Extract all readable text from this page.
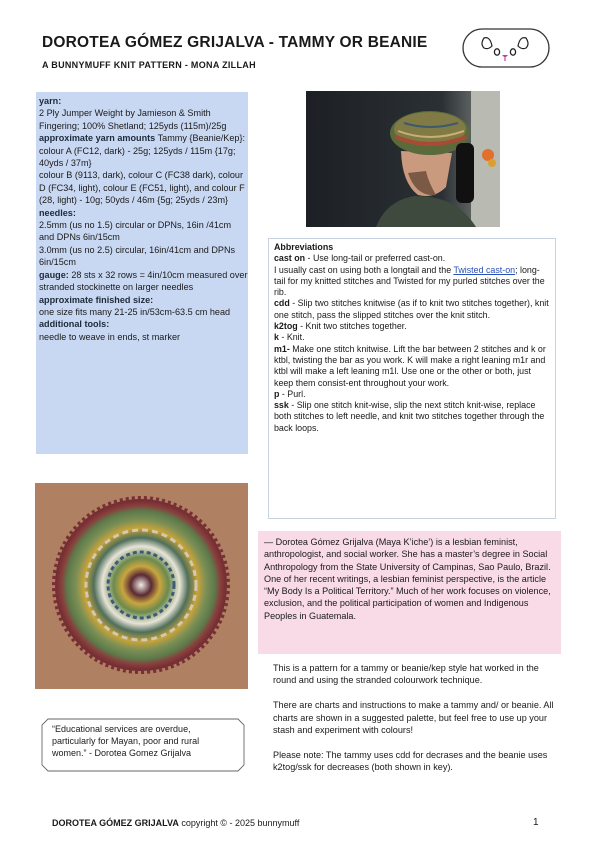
DOROTEA GÓMEZ GRIJALVA - TAMMY OR BEANIE
A BUNNYMUFF KNIT PATTERN - MONA ZILLAH

yarn:

2 Ply Jumper Weight by Jamieson & Smith Fingering; 100% Shetland; 125yds (115m)/25g

approximate yarn amounts Tammy {Beanie/Kep}:

colour A (FC12, dark) - 25g; 125yds / 115m {17g; 40yds / 37m}

colour B (9113, dark), colour C (FC38 dark), colour D (FC34, light), colour E (FC51, light), and colour F (28, light) - 10g; 50yds / 46m {5g; 25yds / 23m}

needles:

2.5mm (us no 1.5) circular or DPNs, 16in /41cm and DPNs 6in/15cm

3.0mm (us no 2.5) circular, 16in/41cm and DPNs 6in/15cm

gauge: 28 sts x 32 rows = 4in/10cm measured over stranded stockinette on larger needles

approximate finished size:

one size fits many 21-25 in/53cm-63.5 cm head

additional tools:

needle to weave in ends, st marker

Abbreviations

cast on - Use long-tail or preferred cast-on.

I usually cast on using both a longtail and the Twisted cast-on; long-tail for my knitted stitches and Twisted for my purled stitches over the rib.

cdd - Slip two stitches knitwise (as if to knit two stitches together), knit one stitch, pass the slipped stitches over the knit stitch.

k2tog - Knit two stitches together.

k - Knit.

m1- Make one stitch knitwise. Lift the bar between 2 stitches and k or ktbl, twisting the bar as you work. K will make a right leaning m1r and ktbl will make a left leaning m1l. Use one or the other or both, just keep them consist-ent throughout your work.

p - Purl.

ssk - Slip one stitch knit-wise, slip the next stitch knit-wise, replace both stitches to left needle, and knit two stitches together through the back loops.

— Dorotea Gómez Grijalva (Maya K’iche’) is a lesbian feminist, anthropologist, and social worker. She has a master’s degree in Social Anthropology from the State University of Campinas, Sao Paulo, Brazil. One of her recent writings, a lesbian feminist perspective, is the article “My Body Is a Political Territory.” Much of her work focuses on violence, exclusion, and the political participation of women and Indigenous Peoples in Guatemala.

This is a pattern for a tammy or beanie/kep style hat worked in the round and using the stranded colourwork technique.

There are charts and instructions to make a tammy and/ or beanie. All charts are shown in a suggested palette, but feel free to use up your stash and experiment with colours!

Please note: The tammy uses cdd for decrases and the beanie uses k2tog/ssk for decreases (both shown in key).

“Educational services are overdue, particularly for Mayan, poor and rural women.” - Dorotea Gomez Grijalva
DOROTEA GÓMEZ GRIJALVA copyright © - 2025 bunnymuff	1
